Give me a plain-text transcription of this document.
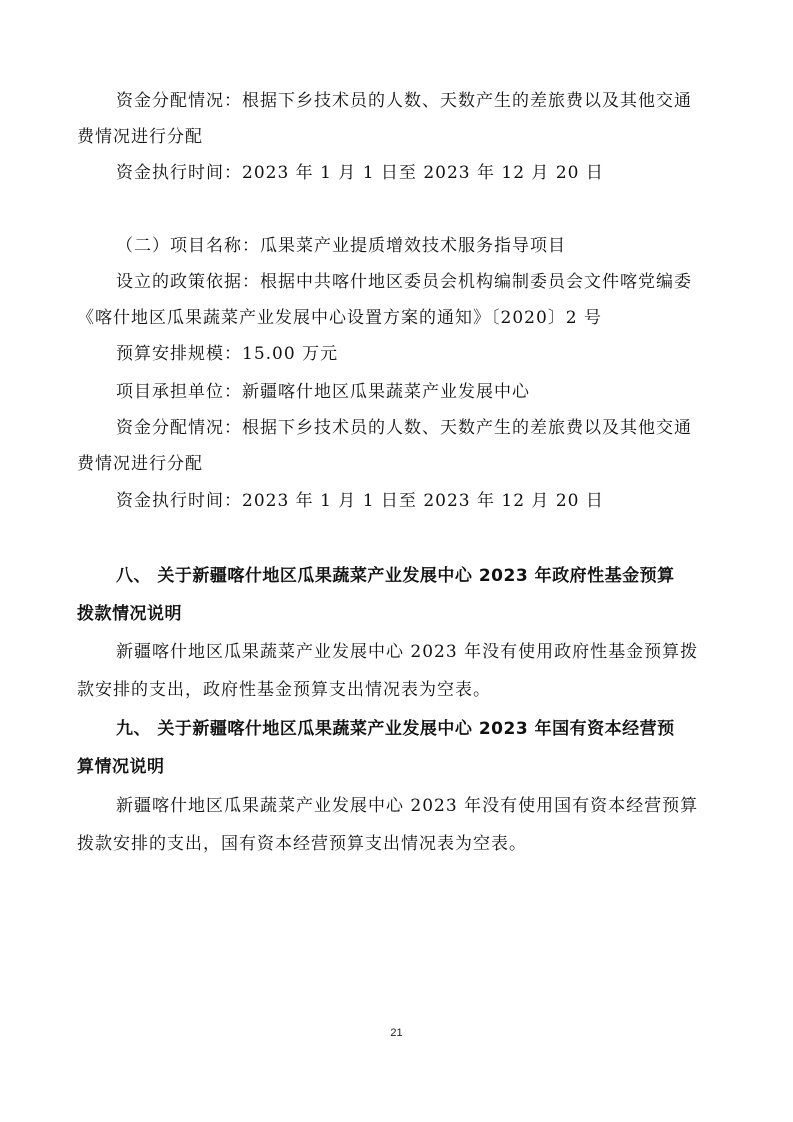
资金分配情况：根据下乡技术员的人数、天数产生的差旅费以及其他交通
费情况进行分配
资金执行时间：2023 年 1 月 1 日至 2023 年 12 月 20 日
（二）项目名称：瓜果菜产业提质增效技术服务指导项目
设立的政策依据：根据中共喀什地区委员会机构编制委员会文件喀党编委
《喀什地区瓜果蔬菜产业发展中心设置方案的通知》〔2020〕2 号
预算安排规模：15.00 万元
项目承担单位：新疆喀什地区瓜果蔬菜产业发展中心
资金分配情况：根据下乡技术员的人数、天数产生的差旅费以及其他交通
费情况进行分配
资金执行时间：2023 年 1 月 1 日至 2023 年 12 月 20 日
八、 关于新疆喀什地区瓜果蔬菜产业发展中心 2023 年政府性基金预算
拨款情况说明
新疆喀什地区瓜果蔬菜产业发展中心 2023 年没有使用政府性基金预算拨
款安排的支出，政府性基金预算支出情况表为空表。
九、 关于新疆喀什地区瓜果蔬菜产业发展中心 2023 年国有资本经营预
算情况说明
新疆喀什地区瓜果蔬菜产业发展中心 2023 年没有使用国有资本经营预算
拨款安排的支出，国有资本经营预算支出情况表为空表。
21
